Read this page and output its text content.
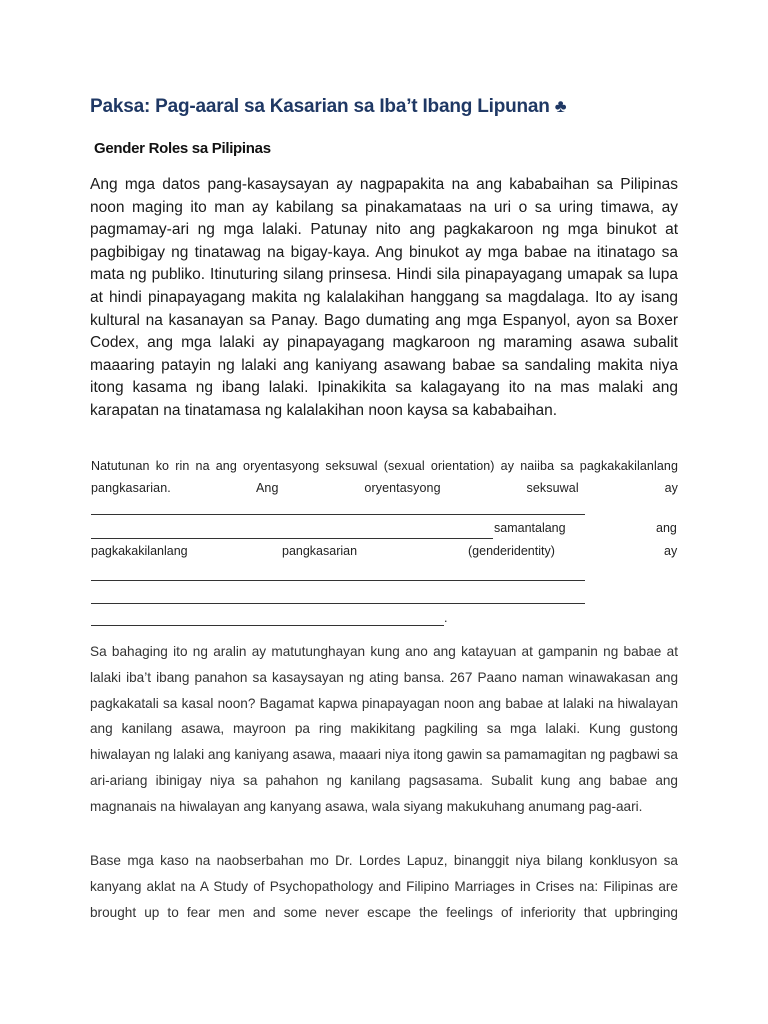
Paksa: Pag-aaral sa Kasarian sa Iba’t Ibang Lipunan ♣
Gender Roles sa Pilipinas

Ang mga datos pang-kasaysayan ay nagpapakita na ang kababaihan sa Pilipinas noon maging ito man ay kabilang sa pinakamataas na uri o sa uring timawa, ay pagmamay-ari ng mga lalaki. Patunay nito ang pagkakaroon ng mga binukot at pagbibigay ng tinatawag na bigay-kaya. Ang binukot ay mga babae na itinatago sa mata ng publiko. Itinuturing silang prinsesa. Hindi sila pinapayagang umapak sa lupa at hindi pinapayagang makita ng kalalakihan hanggang sa magdalaga. Ito ay isang kultural na kasanayan sa Panay. Bago dumating ang mga Espanyol, ayon sa Boxer Codex, ang mga lalaki ay pinapayagang magkaroon ng maraming asawa subalit maaaring patayin ng lalaki ang kaniyang asawang babae sa sandaling makita niya itong kasama ng ibang lalaki. Ipinakikita sa kalagayang ito na mas malaki ang karapatan na tinatamasa ng kalalakihan noon kaysa sa kababaihan.

Natutunan ko rin na ang oryentasyong seksuwal (sexual orientation) ay naiiba sa pagkakakilanlang pangkasarian. Ang oryentasyong seksuwal ay

samantalang	ang
pagkakakilanlang	pangkasarian	(genderidentity)	ay
.

Sa bahaging ito ng aralin ay matutunghayan kung ano ang katayuan at gampanin ng babae at lalaki iba’t ibang panahon sa kasaysayan ng ating bansa. 267 Paano naman winawakasan ang pagkakatali sa kasal noon? Bagamat kapwa pinapayagan noon ang babae at lalaki na hiwalayan ang kanilang asawa, mayroon pa ring makikitang pagkiling sa mga lalaki. Kung gustong hiwalayan ng lalaki ang kaniyang asawa, maaari niya itong gawin sa pamamagitan ng pagbawi sa ari-ariang ibinigay niya sa pahahon ng kanilang pagsasama. Subalit kung ang babae ang magnanais na hiwalayan ang kanyang asawa, wala siyang makukuhang anumang pag-aari.

Base mga kaso na naobserbahan mo Dr. Lordes Lapuz, binanggit niya bilang konklusyon sa kanyang aklat na A Study of Psychopathology and Filipino Marriages in Crises na: Filipinas are brought up to fear men and some never escape the feelings of inferiority that upbringing
